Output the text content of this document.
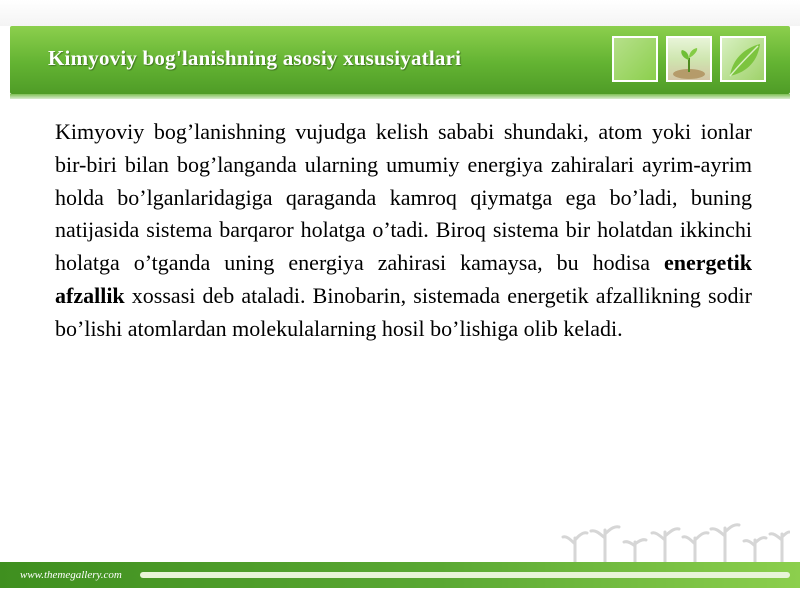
Kimyoviy bog'lanishning asosiy xususiyatlari
Kimyoviy bog’lanishning vujudga kelish sababi shundaki, atom yoki ionlar bir-biri bilan bog’langanda ularning umumiy energiya zahiralari ayrim-ayrim holda bo’lganlaridagiga qaraganda kamroq qiymatga ega bo’ladi, buning natijasida sistema barqaror holatga o’tadi. Biroq sistema bir holatdan ikkinchi holatga o’tganda uning energiya zahirasi kamaysa, bu hodisa energetik afzallik xossasi deb ataladi. Binobarin, sistemada energetik afzallikning sodir bo’lishi atomlardan molekulalarning hosil bo’lishiga olib keladi.
www.themegallery.com
